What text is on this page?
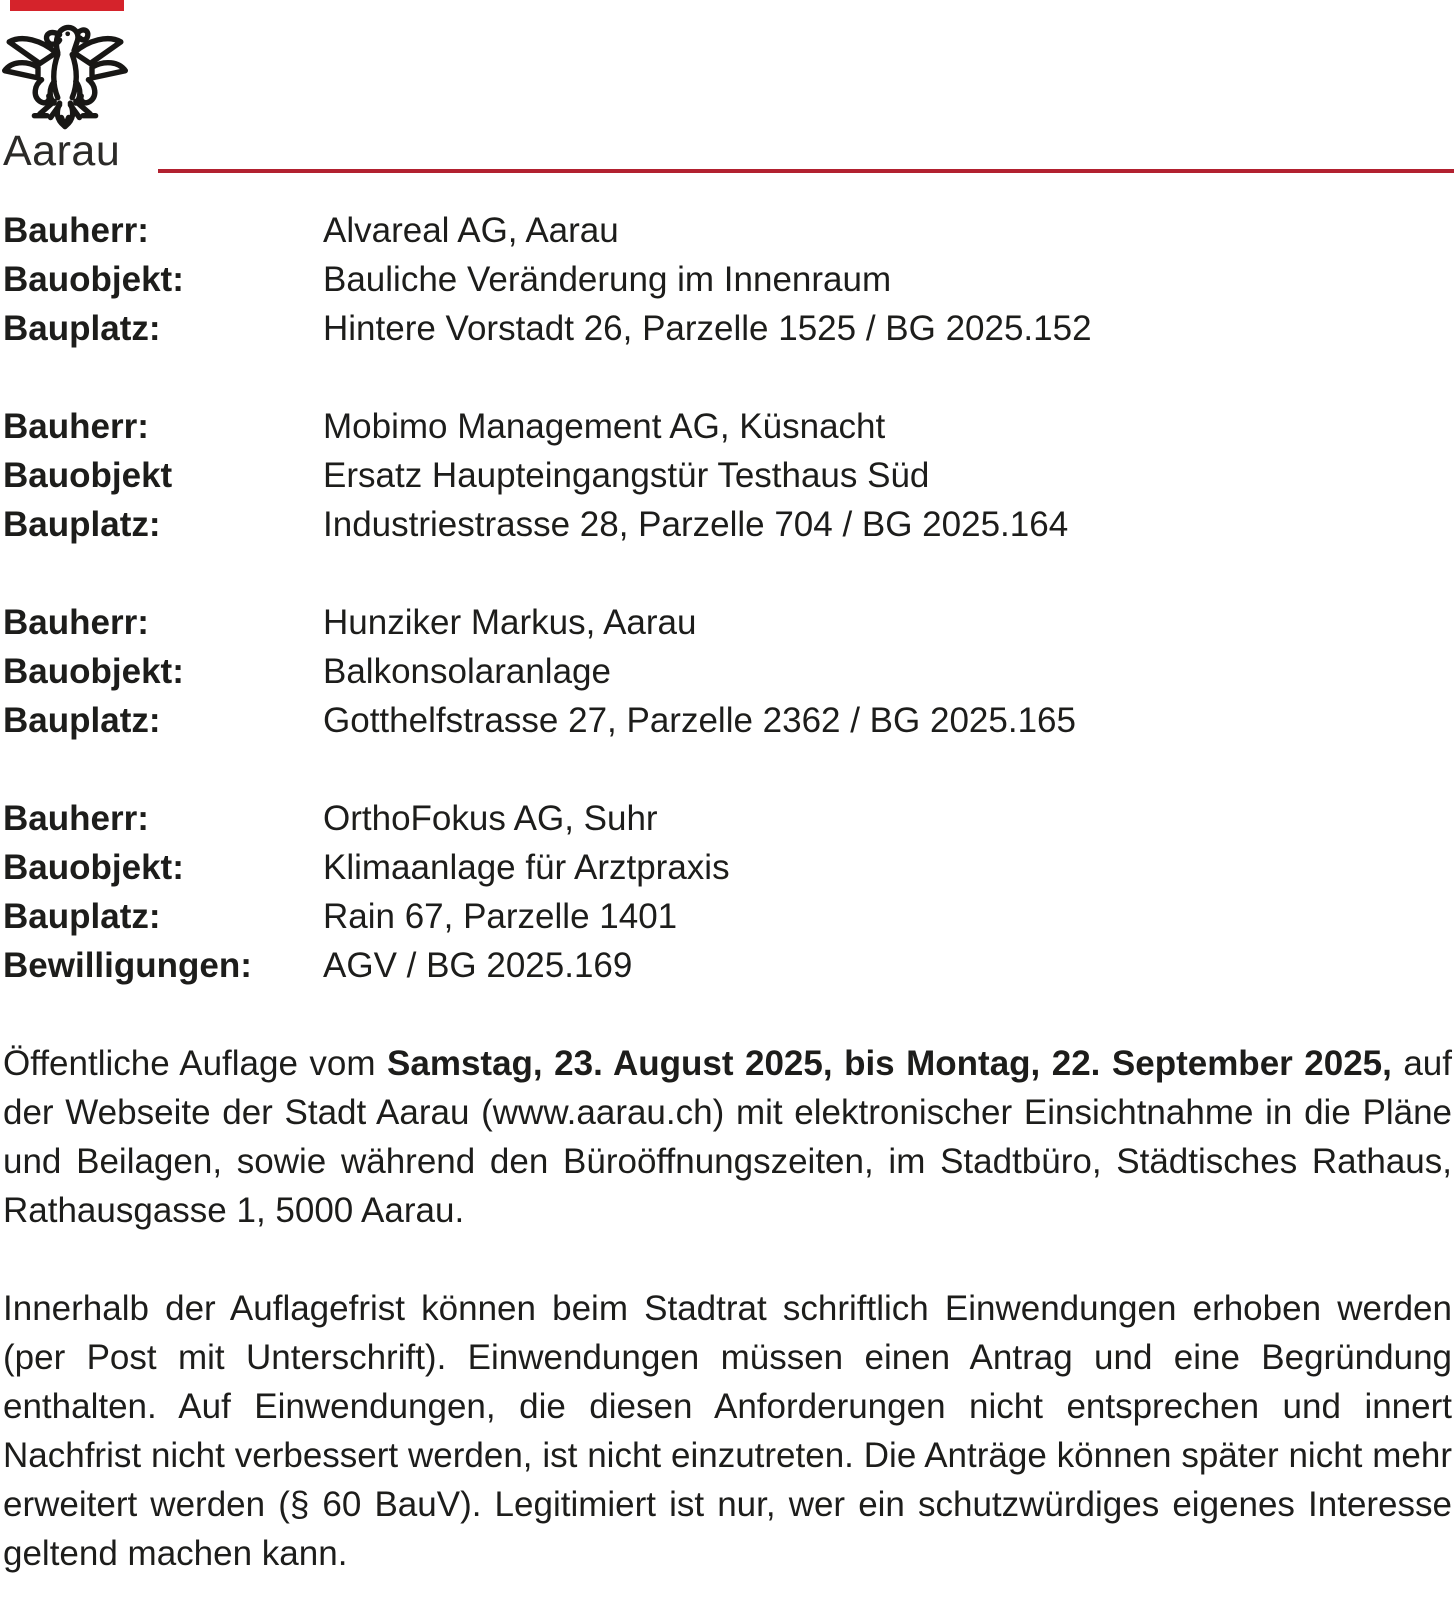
Aarau
Bauherr:	Alvareal AG, Aarau
Bauobjekt:	Bauliche Veränderung im Innenraum
Bauplatz:	Hintere Vorstadt 26, Parzelle 1525 / BG 2025.152
Bauherr:	Mobimo Management AG, Küsnacht
Bauobjekt	Ersatz Haupteingangstür Testhaus Süd
Bauplatz:	Industriestrasse 28, Parzelle 704 / BG 2025.164
Bauherr:	Hunziker Markus, Aarau
Bauobjekt:	Balkonsolaranlage
Bauplatz:	Gotthelfstrasse 27, Parzelle 2362 / BG 2025.165
Bauherr:	OrthoFokus AG, Suhr
Bauobjekt:	Klimaanlage für Arztpraxis
Bauplatz:	Rain 67, Parzelle 1401
Bewilligungen:	AGV / BG 2025.169

Öffentliche Auflage vom Samstag, 23. August 2025, bis Montag, 22. September 2025, auf der Webseite der Stadt Aarau (www.aarau.ch) mit elektronischer Einsichtnahme in die Pläne und Beilagen, sowie während den Büroöffnungszeiten, im Stadtbüro, Städtisches Rathaus, Rathausgasse 1, 5000 Aarau.

Innerhalb der Auflagefrist können beim Stadtrat schriftlich Einwendungen erhoben werden (per Post mit Unterschrift). Einwendungen müssen einen Antrag und eine Begründung enthalten. Auf Einwendungen, die diesen Anforderungen nicht entsprechen und innert Nachfrist nicht verbessert werden, ist nicht einzutreten. Die Anträge können später nicht mehr erweitert werden (§ 60 BauV). Legitimiert ist nur, wer ein schutzwürdiges eigenes Interesse geltend machen kann.
